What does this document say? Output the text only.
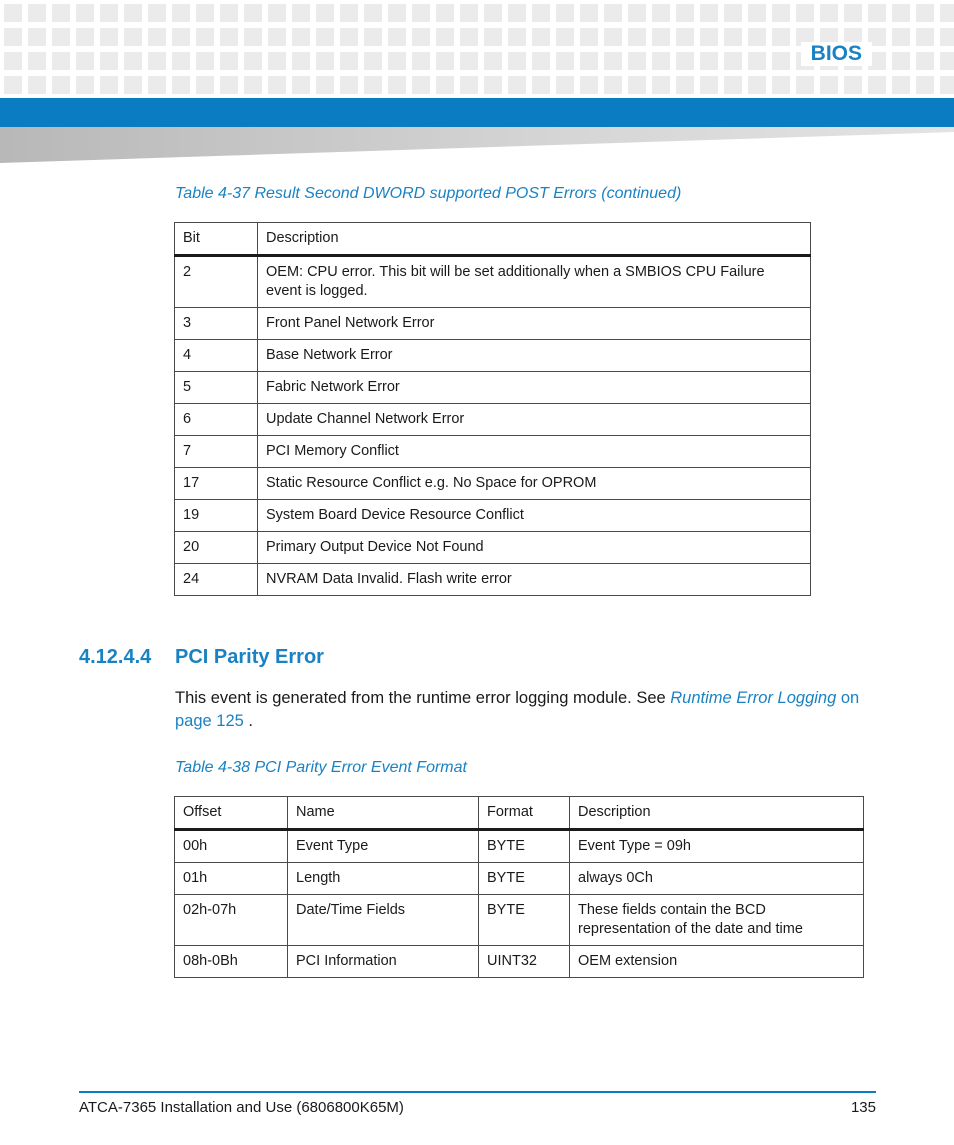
BIOS
Table 4-37 Result Second DWORD supported POST Errors (continued)
Bit	Description
2	OEM: CPU error. This bit will be set additionally when a SMBIOS CPU Failure event is logged.
3	Front Panel Network Error
4	Base Network Error
5	Fabric Network Error
6	Update Channel Network Error
7	PCI Memory Conflict
17	Static Resource Conflict e.g. No Space for OPROM
19	System Board Device Resource Conflict
20	Primary Output Device Not Found
24	NVRAM Data Invalid. Flash write error
4.12.4.4 PCI Parity Error
This event is generated from the runtime error logging module. See Runtime Error Logging on page 125 .
Table 4-38 PCI Parity Error Event Format
Offset	Name	Format	Description
00h	Event Type	BYTE	Event Type = 09h
01h	Length	BYTE	always 0Ch
02h-07h	Date/Time Fields	BYTE	These fields contain the BCD representation of the date and time
08h-0Bh	PCI Information	UINT32	OEM extension
ATCA-7365 Installation and Use (6806800K65M)	135
